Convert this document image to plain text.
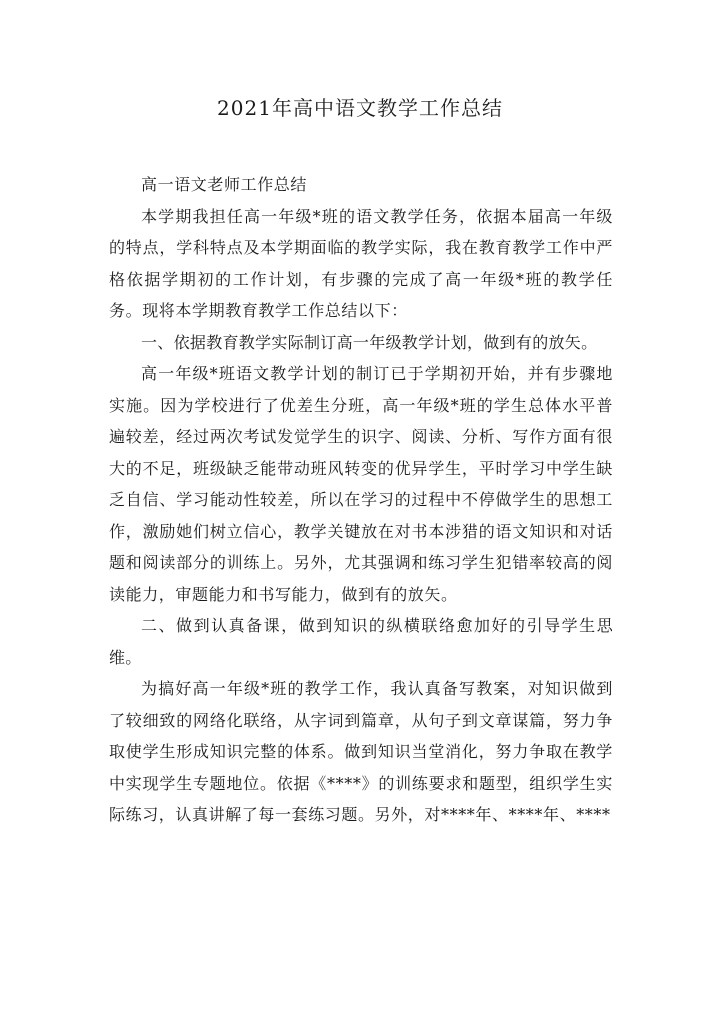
2021年高中语文教学工作总结

高一语文老师工作总结

本学期我担任高一年级*班的语文教学任务，依据本届高一年级的特点，学科特点及本学期面临的教学实际，我在教育教学工作中严格依据学期初的工作计划，有步骤的完成了高一年级*班的教学任务。现将本学期教育教学工作总结以下：

一、依据教育教学实际制订高一年级教学计划，做到有的放矢。

高一年级*班语文教学计划的制订已于学期初开始，并有步骤地实施。因为学校进行了优差生分班，高一年级*班的学生总体水平普遍较差，经过两次考试发觉学生的识字、阅读、分析、写作方面有很大的不足，班级缺乏能带动班风转变的优异学生，平时学习中学生缺乏自信、学习能动性较差，所以在学习的过程中不停做学生的思想工作，激励她们树立信心，教学关键放在对书本涉猎的语文知识和对话题和阅读部分的训练上。另外，尤其强调和练习学生犯错率较高的阅读能力，审题能力和书写能力，做到有的放矢。

二、做到认真备课，做到知识的纵横联络愈加好的引导学生思维。

为搞好高一年级*班的教学工作，我认真备写教案，对知识做到了较细致的网络化联络，从字词到篇章，从句子到文章谋篇，努力争取使学生形成知识完整的体系。做到知识当堂消化，努力争取在教学中实现学生专题地位。依据《****》的训练要求和题型，组织学生实际练习，认真讲解了每一套练习题。另外，对****年、****年、****
